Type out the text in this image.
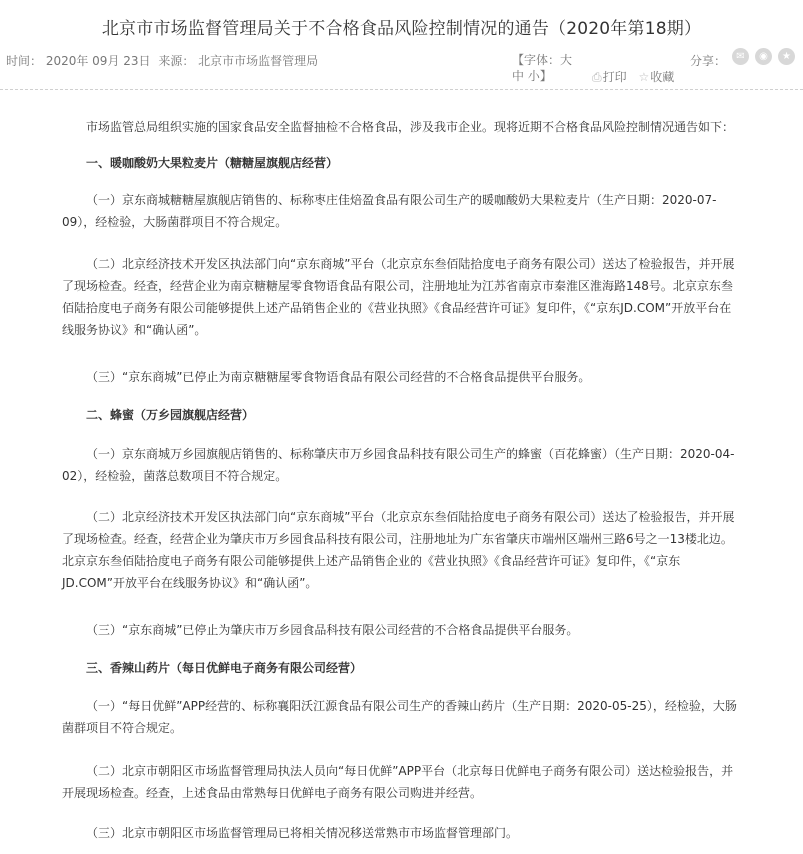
北京市市场监督管理局关于不合格食品风险控制情况的通告（2020年第18期）
时间： 2020年 09月 23日 来源： 北京市市场监督管理局	【字体：大
中 小】	⎙打印 ☆收藏
分享：	✉ ◉ ★

市场监管总局组织实施的国家食品安全监督抽检不合格食品，涉及我市企业。现将近期不合格食品风险控制情况通告如下：

一、暖咖酸奶大果粒麦片（糖糖屋旗舰店经营）

（一）京东商城糖糖屋旗舰店销售的、标称枣庄佳焙盈食品有限公司生产的暖咖酸奶大果粒麦片（生产日期：2020-07-09），经检验，大肠菌群项目不符合规定。

（二）北京经济技术开发区执法部门向“京东商城”平台（北京京东叁佰陆拾度电子商务有限公司）送达了检验报告，并开展了现场检查。经查，经营企业为南京糖糖屋零食物语食品有限公司，注册地址为江苏省南京市秦淮区淮海路148号。北京京东叁佰陆拾度电子商务有限公司能够提供上述产品销售企业的《营业执照》《食品经营许可证》复印件，《“京东JD.COM”开放平台在线服务协议》和“确认函”。

（三）“京东商城”已停止为南京糖糖屋零食物语食品有限公司经营的不合格食品提供平台服务。

二、蜂蜜（万乡园旗舰店经营）

（一）京东商城万乡园旗舰店销售的、标称肇庆市万乡园食品科技有限公司生产的蜂蜜（百花蜂蜜）（生产日期：2020-04-02），经检验，菌落总数项目不符合规定。

（二）北京经济技术开发区执法部门向“京东商城”平台（北京京东叁佰陆拾度电子商务有限公司）送达了检验报告，并开展了现场检查。经查，经营企业为肇庆市万乡园食品科技有限公司，注册地址为广东省肇庆市端州区端州三路6号之一13楼北边。北京京东叁佰陆拾度电子商务有限公司能够提供上述产品销售企业的《营业执照》《食品经营许可证》复印件，《“京东JD.COM”开放平台在线服务协议》和“确认函”。

（三）“京东商城”已停止为肇庆市万乡园食品科技有限公司经营的不合格食品提供平台服务。

三、香辣山药片（每日优鲜电子商务有限公司经营）

（一）“每日优鲜”APP经营的、标称襄阳沃江源食品有限公司生产的香辣山药片（生产日期：2020-05-25），经检验，大肠菌群项目不符合规定。

（二）北京市朝阳区市场监督管理局执法人员向“每日优鲜”APP平台（北京每日优鲜电子商务有限公司）送达检验报告，并开展现场检查。经查，上述食品由常熟每日优鲜电子商务有限公司购进并经营。

（三）北京市朝阳区市场监督管理局已将相关情况移送常熟市市场监督管理部门。
